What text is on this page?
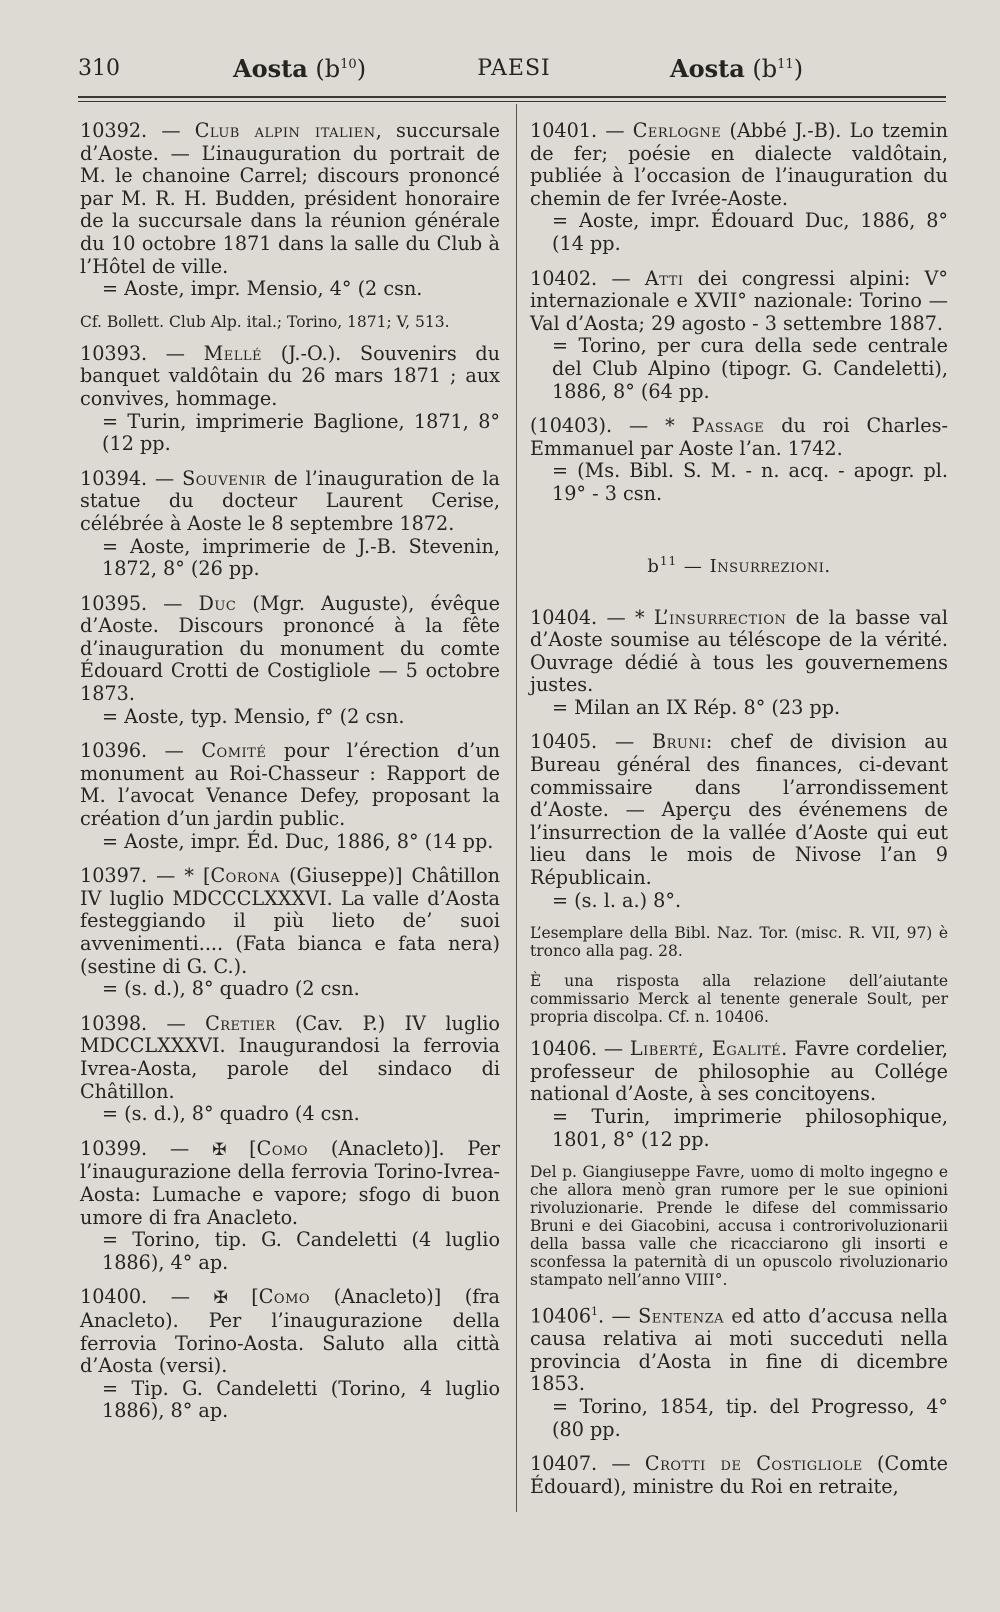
310	Aosta $(b^{10})$	PAESI	Aosta $(b^{11})$
10392. — Club alpin italien, succursale d’Aoste. — L’inauguration du portrait de M. le chanoine Carrel; discours prononcé par M. R. H. Budden, président honoraire de la succursale dans la réunion générale du 10 octobre 1871 dans la salle du Club à l’Hôtel de ville.
= Aoste, impr. Mensio, 4° (2 csn.
Cf. Bollett. Club Alp. ital.; Torino, 1871; V, 513.
10393. — Mellé (J.-O.). Souvenirs du banquet valdôtain du 26 mars 1871 ; aux convives, hommage.
= Turin, imprimerie Baglione, 1871, 8° (12 pp.
10394. — Souvenir de l’inauguration de la statue du docteur Laurent Cerise, célébrée à Aoste le 8 septembre 1872.
= Aoste, imprimerie de J.-B. Stevenin, 1872, 8° (26 pp.
10395. — Duc (Mgr. Auguste), évêque d’Aoste. Discours prononcé à la fête d’inauguration du monument du comte Édouard Crotti de Costigliole — 5 octobre 1873.
= Aoste, typ. Mensio, f° (2 csn.
10396. — Comité pour l’érection d’un monument au Roi-Chasseur : Rapport de M. l’avocat Venance Defey, proposant la création d’un jardin public.
= Aoste, impr. Éd. Duc, 1886, 8° (14 pp.
10397. — * [Corona (Giuseppe)] Châtillon IV luglio MDCCCLXXXVI. La valle d’Aosta festeggiando il più lieto de’ suoi avvenimenti.... (Fata bianca e fata nera) (sestine di G. C.).
= (s. d.), 8° quadro (2 csn.
10398. — Cretier (Cav. P.) IV luglio MDCCLXXXVI. Inaugurandosi la ferrovia Ivrea-Aosta, parole del sindaco di Châtillon.
= (s. d.), 8° quadro (4 csn.
10399. — ✠ [Como (Anacleto)]. Per l’inaugurazione della ferrovia Torino-Ivrea-Aosta: Lumache e vapore; sfogo di buon umore di fra Anacleto.
= Torino, tip. G. Candeletti (4 luglio 1886), 4° ap.
10400. — ✠ [Como (Anacleto)] (fra Anacleto). Per l’inaugurazione della ferrovia Torino-Aosta. Saluto alla città d’Aosta (versi).
= Tip. G. Candeletti (Torino, 4 luglio 1886), 8° ap.
10401. — Cerlogne (Abbé J.-B). Lo tzemin de fer; poésie en dialecte valdôtain, publiée à l’occasion de l’inauguration du chemin de fer Ivrée-Aoste.
= Aoste, impr. Édouard Duc, 1886, 8° (14 pp.
10402. — Atti dei congressi alpini: V° internazionale e XVII° nazionale: Torino — Val d’Aosta; 29 agosto - 3 settembre 1887.
= Torino, per cura della sede centrale del Club Alpino (tipogr. G. Candeletti), 1886, 8° (64 pp.
(10403). — * Passage du roi Charles-Emmanuel par Aoste l’an. 1742.
= (Ms. Bibl. S. M. - n. acq. - apogr. pl. 19° - 3 csn.
$b^{11}$ — Insurrezioni.
10404. — * L’insurrection de la basse val d’Aoste soumise au téléscope de la vérité. Ouvrage dédié à tous les gouvernemens justes.
= Milan an IX Rép. 8° (23 pp.
10405. — Bruni: chef de division au Bureau général des finances, ci-devant commissaire dans l’arrondissement d’Aoste. — Aperçu des événemens de l’insurrection de la vallée d’Aoste qui eut lieu dans le mois de Nivose l’an 9 Républicain.
= (s. l. a.) 8°.
L’esemplare della Bibl. Naz. Tor. (misc. R. VII, 97) è tronco alla pag. 28.
È una risposta alla relazione dell’aiutante commissario Merck al tenente generale Soult, per propria discolpa. Cf. n. 10406.
10406. — Liberté, Egalité. Favre cordelier, professeur de philosophie au Collége national d’Aoste, à ses concitoyens.
= Turin, imprimerie philosophique, 1801, 8° (12 pp.
Del p. Giangiuseppe Favre, uomo di molto ingegno e che allora menò gran rumore per le sue opinioni rivoluzionarie. Prende le difese del commissario Bruni e dei Giacobini, accusa i controrivoluzionarii della bassa valle che ricacciarono gli insorti e sconfessa la paternità di un opuscolo rivoluzionario stampato nell’anno VIII°.
10406$^1$. — Sentenza ed atto d’accusa nella causa relativa ai moti succeduti nella provincia d’Aosta in fine di dicembre 1853.
= Torino, 1854, tip. del Progresso, 4° (80 pp.
10407. — Crotti de Costigliole (Comte Édouard), ministre du Roi en retraite,
